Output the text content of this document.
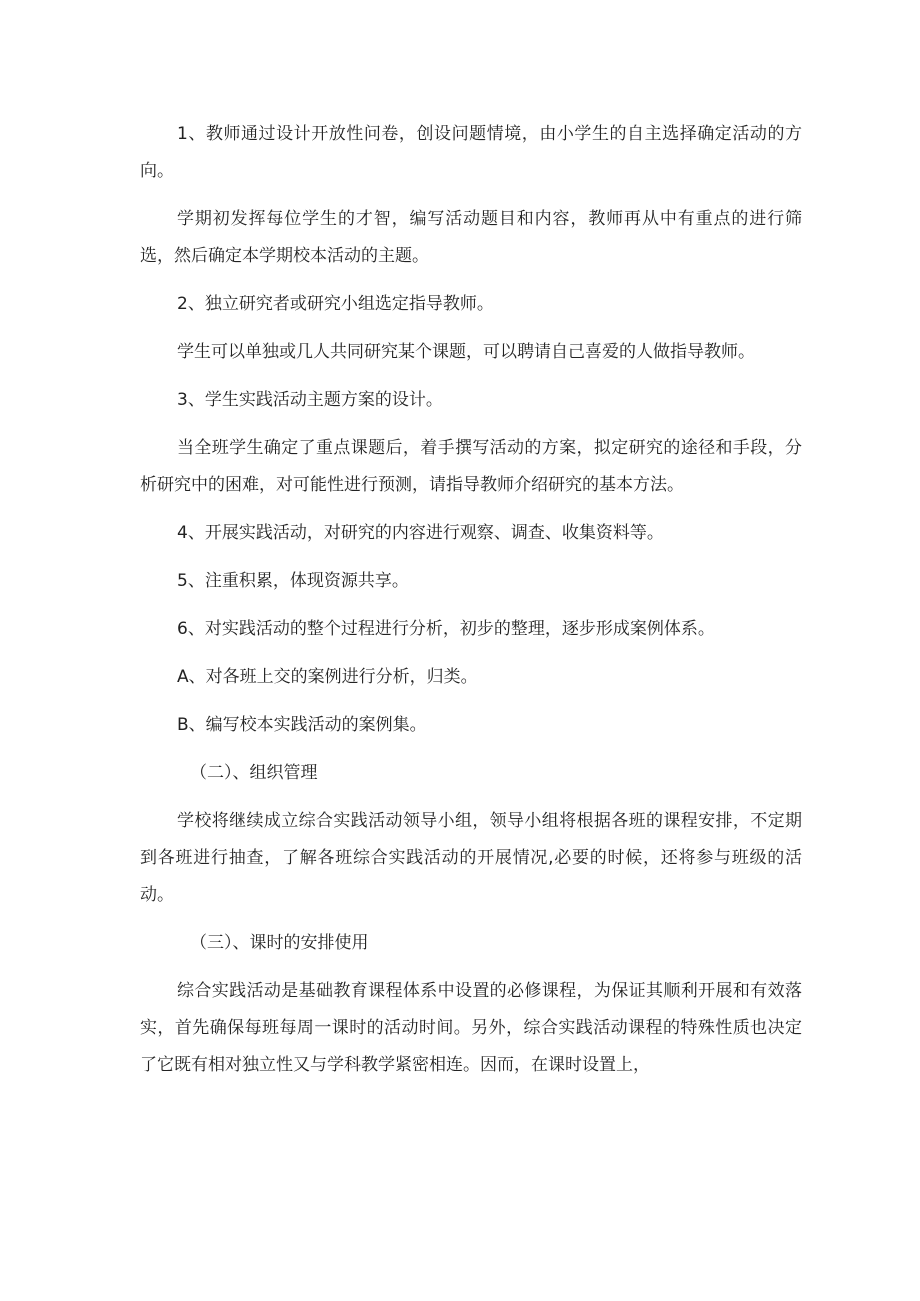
1、教师通过设计开放性问卷，创设问题情境，由小学生的自主选择确定活动的方向。

学期初发挥每位学生的才智，编写活动题目和内容，教师再从中有重点的进行筛选，然后确定本学期校本活动的主题。

2、独立研究者或研究小组选定指导教师。

学生可以单独或几人共同研究某个课题，可以聘请自己喜爱的人做指导教师。

3、学生实践活动主题方案的设计。

当全班学生确定了重点课题后，着手撰写活动的方案，拟定研究的途径和手段，分析研究中的困难，对可能性进行预测，请指导教师介绍研究的基本方法。

4、开展实践活动，对研究的内容进行观察、调查、收集资料等。

5、注重积累，体现资源共享。

6、对实践活动的整个过程进行分析，初步的整理，逐步形成案例体系。

A、对各班上交的案例进行分析，归类。

B、编写校本实践活动的案例集。

（二）、组织管理

学校将继续成立综合实践活动领导小组，领导小组将根据各班的课程安排，不定期到各班进行抽查，了解各班综合实践活动的开展情况,必要的时候，还将参与班级的活动。

（三）、课时的安排使用

综合实践活动是基础教育课程体系中设置的必修课程，为保证其顺利开展和有效落实，首先确保每班每周一课时的活动时间。另外，综合实践活动课程的特殊性质也决定了它既有相对独立性又与学科教学紧密相连。因而，在课时设置上，
